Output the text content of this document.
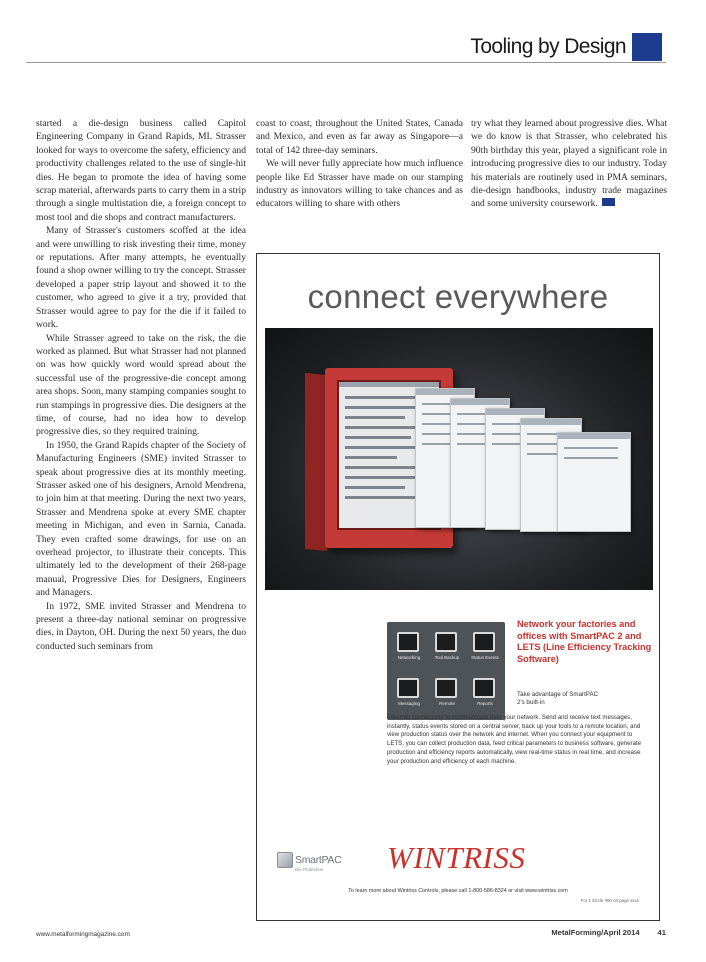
Tooling by Design

started a die-design business called Capitol Engineering Company in Grand Rapids, MI. Strasser looked for ways to overcome the safety, efficiency and productivity challenges related to the use of single-hit dies. He began to promote the idea of having some scrap material, afterwards parts to carry them in a strip through a single multistation die, a foreign concept to most tool and die shops and contract manufacturers.

Many of Strasser's customers scoffed at the idea and were unwilling to risk investing their time, money or reputations. After many attempts, he eventually found a shop owner willing to try the concept. Strasser developed a paper strip layout and showed it to the customer, who agreed to give it a try, provided that Strasser would agree to pay for the die if it failed to work.

While Strasser agreed to take on the risk, the die worked as planned. But what Strasser had not planned on was how quickly word would spread about the successful use of the progressive-die concept among area shops. Soon, many stamping companies sought to run stampings in progressive dies. Die designers at the time, of course, had no idea how to develop progressive dies, so they required training.

In 1950, the Grand Rapids chapter of the Society of Manufacturing Engineers (SME) invited Strasser to speak about progressive dies at its monthly meeting. Strasser asked one of his designers, Arnold Mendrena, to join him at that meeting. During the next two years, Strasser and Mendrena spoke at every SME chapter meeting in Michigan, and even in Sarnia, Canada. They even crafted some drawings, for use on an overhead projector, to illustrate their concepts. This ultimately led to the development of their 268-page manual, Progressive Dies for Designers, Engineers and Managers.

In 1972, SME invited Strasser and Mendrena to present a three-day national seminar on progressive dies, in Dayton, OH. During the next 50 years, the duo conducted such seminars from

coast to coast, throughout the United States, Canada and Mexico, and even as far away as Singapore—a total of 142 three-day seminars.

We will never fully appreciate how much influence people like Ed Strasser have made on our stamping industry as innovators willing to take chances and as educators willing to share with others

try what they learned about progressive dies. What we do know is that Strasser, who celebrated his 90th birthday this year, played a significant role in introducing progressive dies to our industry. Today his materials are routinely used in PMA seminars, die-design handbooks, industry trade magazines and some university coursework.

connect everywhere
Networking	Tool Backup	Status Events
Messaging	Remote	Reports
Network your factories and offices with SmartPAC 2 and LETS (Line Efficiency Tracking Software)
Take advantage of SmartPAC 2's built-in
Ethernet connectivity to communicate over your network. Send and receive text messages, instantly, status events stored on a central server, back up your tools to a remote location, and view production status over the network and internet. When you connect your equipment to LETS, you can collect production data, feed critical parameters to business software, generate production and efficiency reports automatically, view real-time status in real time, and increase your production and efficiency of each machine.
SmartPAC
Die Protection WINTRISS
To learn more about Wintriss Controls, please call 1-800-586-8324 or visit www.wintriss.com
For 1 Circle #80 on page xxxx
www.metalformingmagazine.com	MetalForming/April 2014 41
